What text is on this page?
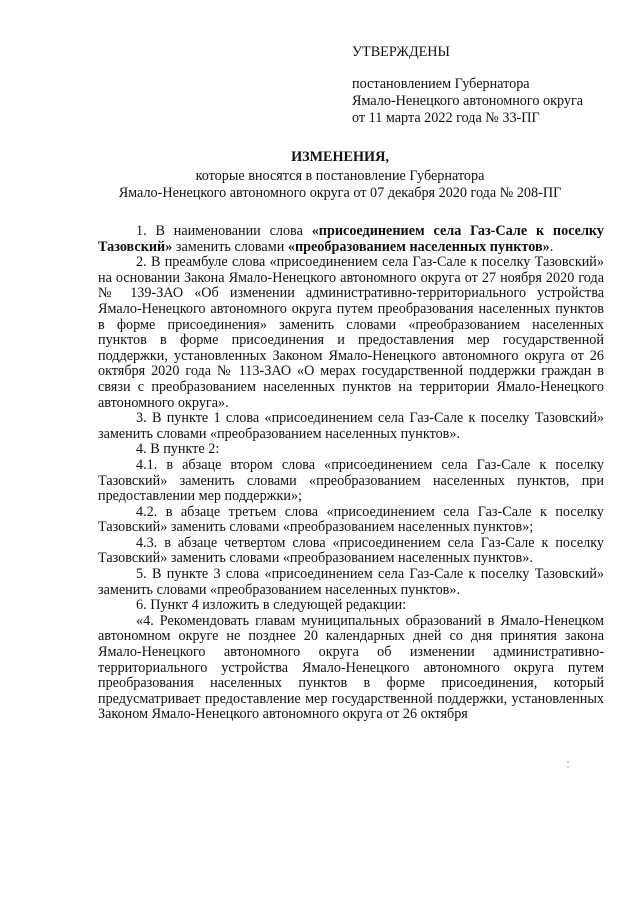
УТВЕРЖДЕНЫ
постановлением Губернатора
Ямало-Ненецкого автономного округа
от 11 марта 2022 года № 33-ПГ
ИЗМЕНЕНИЯ,
которые вносятся в постановление Губернатора
Ямало-Ненецкого автономного округа от 07 декабря 2020 года № 208-ПГ

1. В наименовании слова «присоединением села Газ-Сале к поселку Тазовский» заменить словами «преобразованием населенных пунктов».

2. В преамбуле слова «присоединением села Газ-Сале к поселку Тазовский» на основании Закона Ямало-Ненецкого автономного округа от 27 ноября 2020 года № 139-ЗАО «Об изменении административно-территориального устройства Ямало-Ненецкого автономного округа путем преобразования населенных пунктов в форме присоединения» заменить словами «преобразованием населенных пунктов в форме присоединения и предоставления мер государственной поддержки, установленных Законом Ямало-Ненецкого автономного округа от 26 октября 2020 года № 113-ЗАО «О мерах государственной поддержки граждан в связи с преобразованием населенных пунктов на территории Ямало-Ненецкого автономного округа».

3. В пункте 1 слова «присоединением села Газ-Сале к поселку Тазовский» заменить словами «преобразованием населенных пунктов».

4. В пункте 2:

4.1. в абзаце втором слова «присоединением села Газ-Сале к поселку Тазовский» заменить словами «преобразованием населенных пунктов, при предоставлении мер поддержки»;

4.2. в абзаце третьем слова «присоединением села Газ-Сале к поселку Тазовский» заменить словами «преобразованием населенных пунктов»;

4.3. в абзаце четвертом слова «присоединением села Газ-Сале к поселку Тазовский» заменить словами «преобразованием населенных пунктов».

5. В пункте 3 слова «присоединением села Газ-Сале к поселку Тазовский» заменить словами «преобразованием населенных пунктов».

6. Пункт 4 изложить в следующей редакции:

«4. Рекомендовать главам муниципальных образований в Ямало-Ненецком автономном округе не позднее 20 календарных дней со дня принятия закона Ямало-Ненецкого автономного округа об изменении административно-территориального устройства Ямало-Ненецкого автономного округа путем преобразования населенных пунктов в форме присоединения, который предусматривает предоставление мер государственной поддержки, установленных Законом Ямало-Ненецкого автономного округа от 26 октября
